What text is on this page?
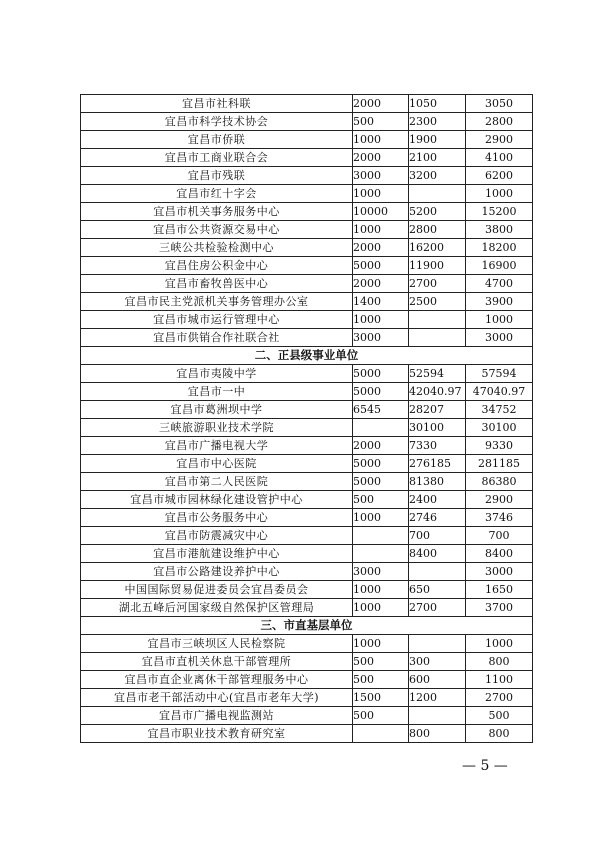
宜昌市社科联	2000	1050	3050
宜昌市科学技术协会	500	2300	2800
宜昌市侨联	1000	1900	2900
宜昌市工商业联合会	2000	2100	4100
宜昌市残联	3000	3200	6200
宜昌市红十字会	1000		1000
宜昌市机关事务服务中心	10000	5200	15200
宜昌市公共资源交易中心	1000	2800	3800
三峡公共检验检测中心	2000	16200	18200
宜昌住房公积金中心	5000	11900	16900
宜昌市畜牧兽医中心	2000	2700	4700
宜昌市民主党派机关事务管理办公室	1400	2500	3900
宜昌市城市运行管理中心	1000		1000
宜昌市供销合作社联合社	3000		3000
二、正县级事业单位			
宜昌市夷陵中学	5000	52594	57594
宜昌市一中	5000	42040.97	47040.97
宜昌市葛洲坝中学	6545	28207	34752
三峡旅游职业技术学院		30100	30100
宜昌市广播电视大学	2000	7330	9330
宜昌市中心医院	5000	276185	281185
宜昌市第二人民医院	5000	81380	86380
宜昌市城市园林绿化建设管护中心	500	2400	2900
宜昌市公务服务中心	1000	2746	3746
宜昌市防震减灾中心		700	700
宜昌市港航建设维护中心		8400	8400
宜昌市公路建设养护中心	3000		3000
中国国际贸易促进委员会宜昌委员会	1000	650	1650
湖北五峰后河国家级自然保护区管理局	1000	2700	3700
三、市直基层单位			
宜昌市三峡坝区人民检察院	1000		1000
宜昌市直机关休息干部管理所	500	300	800
宜昌市直企业离休干部管理服务中心	500	600	1100
宜昌市老干部活动中心(宜昌市老年大学)	1500	1200	2700
宜昌市广播电视监测站	500		500
宜昌市职业技术教育研究室		800	800
— 5 —
